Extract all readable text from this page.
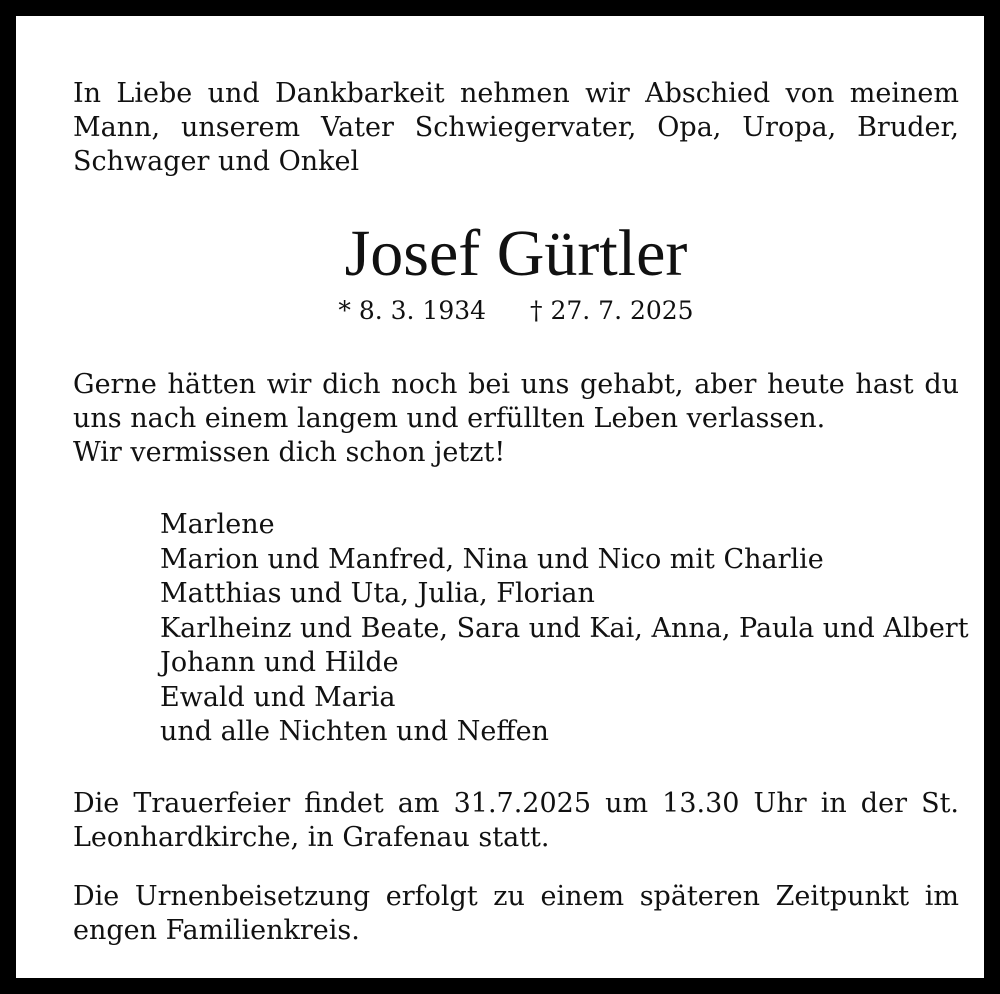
In Liebe und Dankbarkeit nehmen wir Abschied von meinem Mann, unserem Vater Schwiegervater, Opa, Uropa, Bruder, Schwager und Onkel
Josef Gürtler
* 8. 3. 1934 † 27. 7. 2025
Gerne hätten wir dich noch bei uns gehabt, aber heute hast du uns nach einem langem und erfüllten Leben verlassen.
Wir vermissen dich schon jetzt!
Marlene
Marion und Manfred, Nina und Nico mit Charlie
Matthias und Uta, Julia, Florian
Karlheinz und Beate, Sara und Kai, Anna, Paula und Albert
Johann und Hilde
Ewald und Maria
und alle Nichten und Neffen
Die Trauerfeier findet am 31.7.2025 um 13.30 Uhr in der St. Leonhardkirche, in Grafenau statt.
Die Urnenbeisetzung erfolgt zu einem späteren Zeitpunkt im engen Familienkreis.
